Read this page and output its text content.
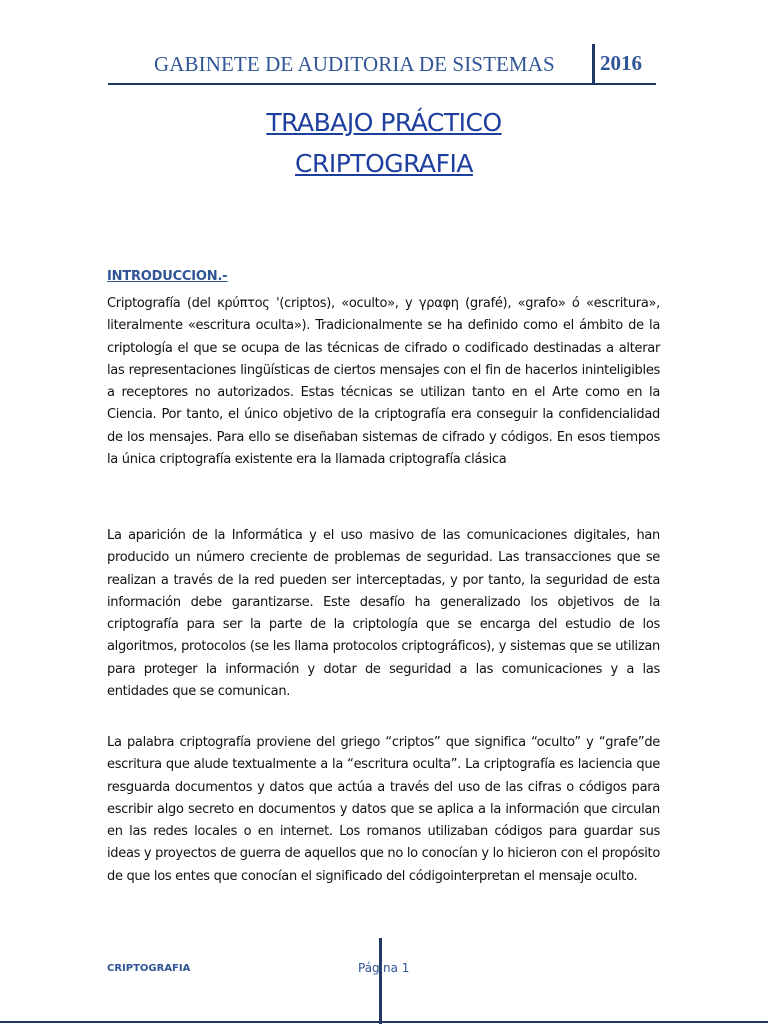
GABINETE DE AUDITORIA DE SISTEMAS 2016
TRABAJO PRÁCTICO
CRIPTOGRAFIA
INTRODUCCION.-

Criptografía (del κρύπτος '(criptos), «oculto», y γραφη (grafé), «grafo» ó «escritura», literalmente «escritura oculta»). Tradicionalmente se ha definido como el ámbito de la criptología el que se ocupa de las técnicas de cifrado o codificado destinadas a alterar las representaciones lingüísticas de ciertos mensajes con el fin de hacerlos ininteligibles a receptores no autorizados. Estas técnicas se utilizan tanto en el Arte como en la Ciencia. Por tanto, el único objetivo de la criptografía era conseguir la confidencialidad de los mensajes. Para ello se diseñaban sistemas de cifrado y códigos. En esos tiempos la única criptografía existente era la llamada criptografía clásica

La aparición de la Informática y el uso masivo de las comunicaciones digitales, han producido un número creciente de problemas de seguridad. Las transacciones que se realizan a través de la red pueden ser interceptadas, y por tanto, la seguridad de esta información debe garantizarse. Este desafío ha generalizado los objetivos de la criptografía para ser la parte de la criptología que se encarga del estudio de los algoritmos, protocolos (se les llama protocolos criptográficos), y sistemas que se utilizan para proteger la información y dotar de seguridad a las comunicaciones y a las entidades que se comunican.

La palabra criptografía proviene del griego “criptos” que significa “oculto” y “grafe”de escritura que alude textualmente a la “escritura oculta”. La criptografía es lacie​ncia que resguarda documentos y datos que actúa a través del uso de las cifras o códigos para escribir algo secreto en documentos y datos que se aplica a la información que circulan en las redes locales o en internet. Los romanos utilizaban códigos para guardar sus ideas y proyectos de guerra de aquellos que no lo conocían y lo hicieron con el propósito de que los entes que conocían el significado del códigointerpretan el mensaje oculto.

CRIPTOGRAFIA	Página 1
